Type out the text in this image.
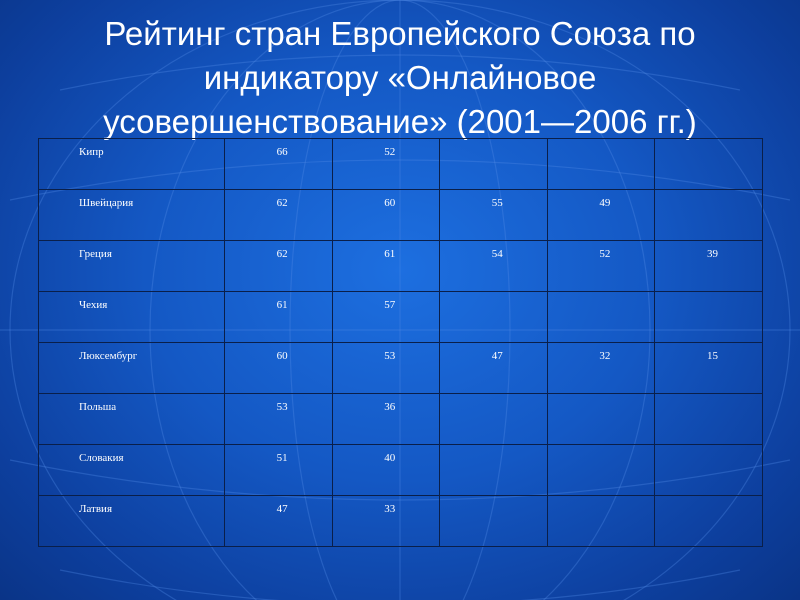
Рейтинг стран Европейского Союза по индикатору «Онлайновое усовершенствование» (2001—2006 гг.)
Кипр	66	52			
Швейцария	62	60	55	49	
Греция	62	61	54	52	39
Чехия	61	57			
Люксембург	60	53	47	32	15
Польша	53	36			
Словакия	51	40			
Латвия	47	33			
